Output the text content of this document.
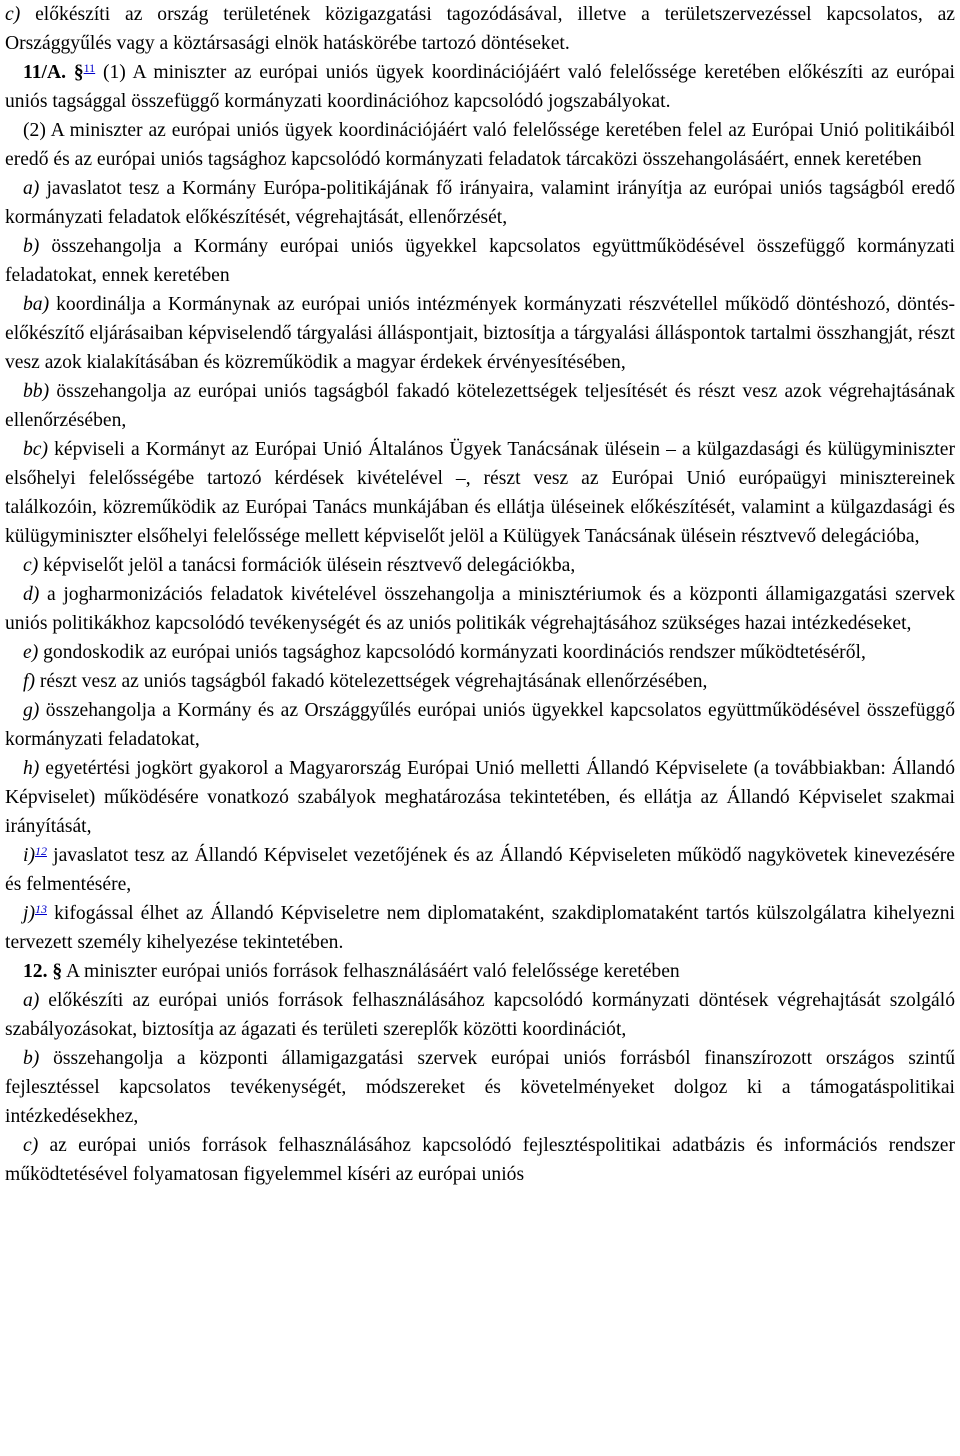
c) előkészíti az ország területének közigazgatási tagozódásával, illetve a területszervezéssel kapcsolatos, az Országgyűlés vagy a köztársasági elnök hatáskörébe tartozó döntéseket.

11/A. §$^{11}$ (1) A miniszter az európai uniós ügyek koordinációjáért való felelőssége keretében előkészíti az európai uniós tagsággal összefüggő kormányzati koordinációhoz kapcsolódó jogszabályokat.

(2) A miniszter az európai uniós ügyek koordinációjáért való felelőssége keretében felel az Európai Unió politikáiból eredő és az európai uniós tagsághoz kapcsolódó kormányzati feladatok tárcaközi összehangolásáért, ennek keretében

a) javaslatot tesz a Kormány Európa-politikájának fő irányaira, valamint irányítja az európai uniós tagságból eredő kormányzati feladatok előkészítését, végrehajtását, ellenőrzését,

b) összehangolja a Kormány európai uniós ügyekkel kapcsolatos együttműködésével összefüggő kormányzati feladatokat, ennek keretében

ba) koordinálja a Kormánynak az európai uniós intézmények kormányzati részvétellel működő döntéshozó, döntés-előkészítő eljárásaiban képviselendő tárgyalási álláspontjait, biztosítja a tárgyalási álláspontok tartalmi összhangját, részt vesz azok kialakításában és közreműködik a magyar érdekek érvényesítésében,

bb) összehangolja az európai uniós tagságból fakadó kötelezettségek teljesítését és részt vesz azok végrehajtásának ellenőrzésében,

bc) képviseli a Kormányt az Európai Unió Általános Ügyek Tanácsának ülésein – a külgazdasági és külügyminiszter elsőhelyi felelősségébe tartozó kérdések kivételével –, részt vesz az Európai Unió európaügyi minisztereinek találkozóin, közreműködik az Európai Tanács munkájában és ellátja üléseinek előkészítését, valamint a külgazdasági és külügyminiszter elsőhelyi felelőssége mellett képviselőt jelöl a Külügyek Tanácsának ülésein résztvevő delegációba,

c) képviselőt jelöl a tanácsi formációk ülésein résztvevő delegációkba,

d) a jogharmonizációs feladatok kivételével összehangolja a minisztériumok és a központi államigazgatási szervek uniós politikákhoz kapcsolódó tevékenységét és az uniós politikák végrehajtásához szükséges hazai intézkedéseket,

e) gondoskodik az európai uniós tagsághoz kapcsolódó kormányzati koordinációs rendszer működtetéséről,

f) részt vesz az uniós tagságból fakadó kötelezettségek végrehajtásának ellenőrzésében,

g) összehangolja a Kormány és az Országgyűlés európai uniós ügyekkel kapcsolatos együttműködésével összefüggő kormányzati feladatokat,

h) egyetértési jogkört gyakorol a Magyarország Európai Unió melletti Állandó Képviselete (a továbbiakban: Állandó Képviselet) működésére vonatkozó szabályok meghatározása tekintetében, és ellátja az Állandó Képviselet szakmai irányítását,

i)$^{12}$ javaslatot tesz az Állandó Képviselet vezetőjének és az Állandó Képviseleten működő nagykövetek kinevezésére és felmentésére,

j)$^{13}$ kifogással élhet az Állandó Képviseletre nem diplomataként, szakdiplomataként tartós külszolgálatra kihelyezni tervezett személy kihelyezése tekintetében.

12. § A miniszter európai uniós források felhasználásáért való felelőssége keretében

a) előkészíti az európai uniós források felhasználásához kapcsolódó kormányzati döntések végrehajtását szolgáló szabályozásokat, biztosítja az ágazati és területi szereplők közötti koordinációt,

b) összehangolja a központi államigazgatási szervek európai uniós forrásból finanszírozott országos szintű fejlesztéssel kapcsolatos tevékenységét, módszereket és követelményeket dolgoz ki a támogatáspolitikai intézkedésekhez,

c) az európai uniós források felhasználásához kapcsolódó fejlesztéspolitikai adatbázis és információs rendszer működtetésével folyamatosan figyelemmel kíséri az európai uniós
